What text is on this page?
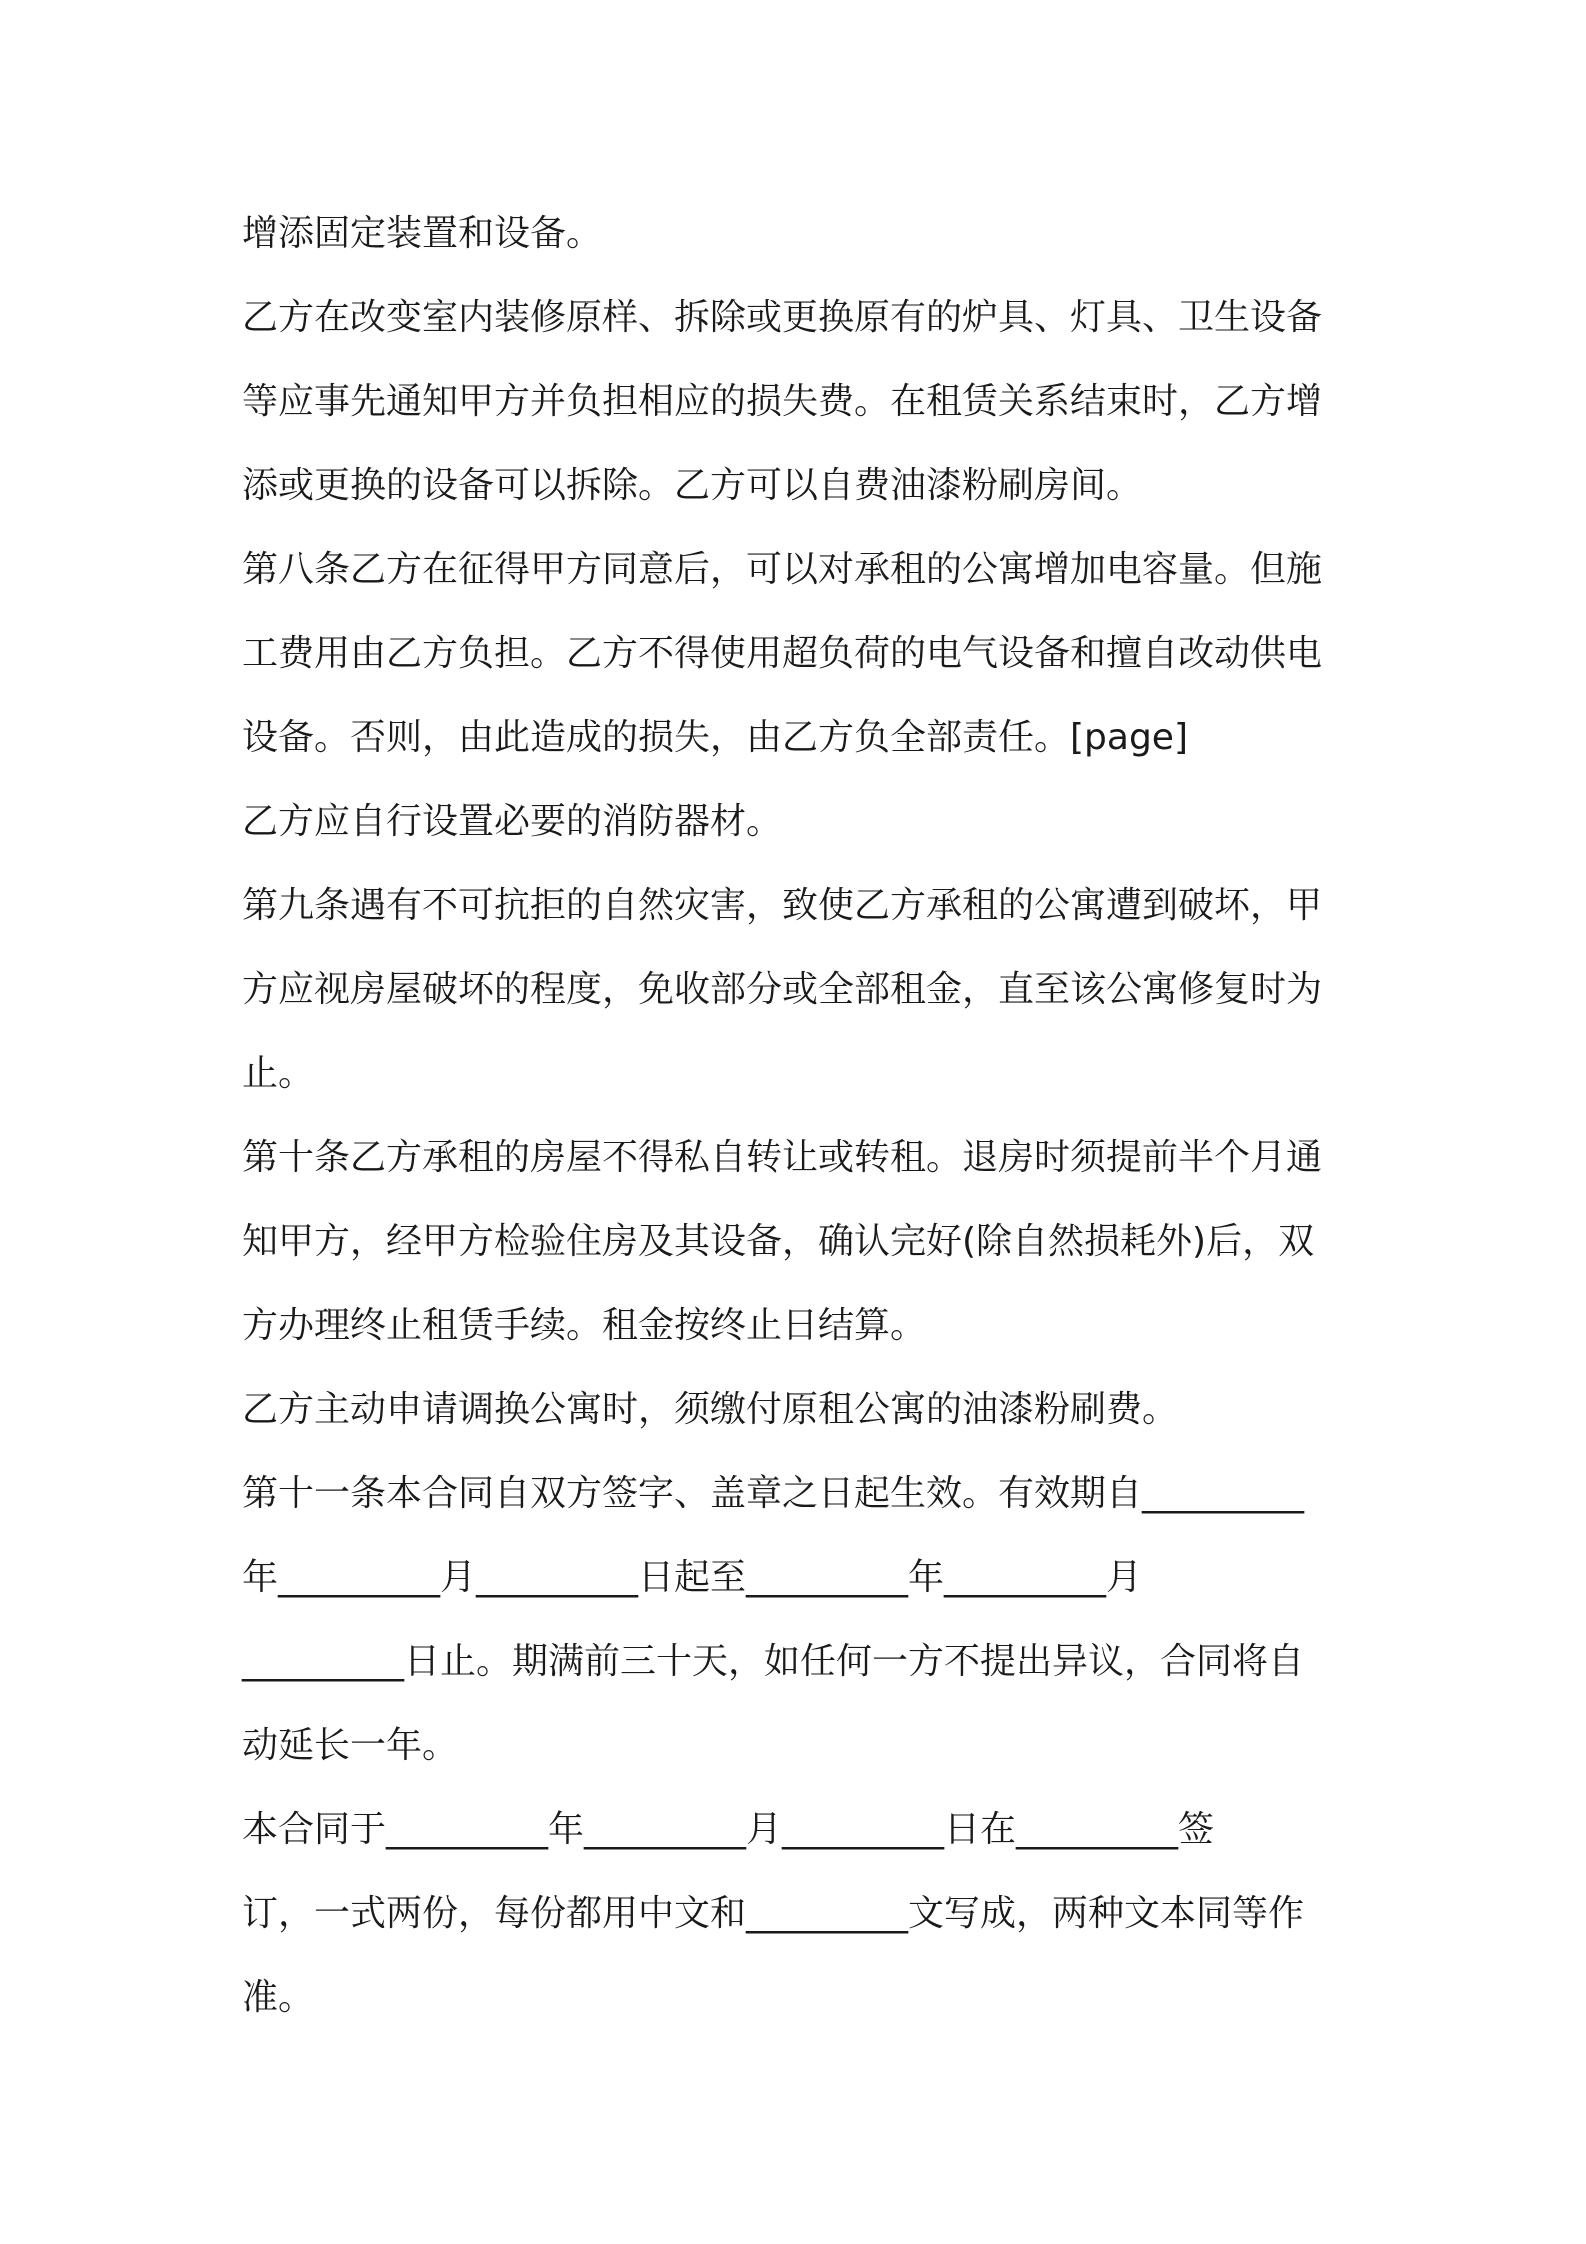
增添固定装置和设备。
乙方在改变室内装修原样、拆除或更换原有的炉具、灯具、卫生设备
等应事先通知甲方并负担相应的损失费。在租赁关系结束时，乙方增
添或更换的设备可以拆除。乙方可以自费油漆粉刷房间。
第八条乙方在征得甲方同意后，可以对承租的公寓增加电容量。但施
工费用由乙方负担。乙方不得使用超负荷的电气设备和擅自改动供电
设备。否则，由此造成的损失，由乙方负全部责任。[page]
乙方应自行设置必要的消防器材。
第九条遇有不可抗拒的自然灾害，致使乙方承租的公寓遭到破坏，甲
方应视房屋破坏的程度，免收部分或全部租金，直至该公寓修复时为
止。
第十条乙方承租的房屋不得私自转让或转租。退房时须提前半个月通
知甲方，经甲方检验住房及其设备，确认完好(除自然损耗外)后，双
方办理终止租赁手续。租金按终止日结算。
乙方主动申请调换公寓时，须缴付原租公寓的油漆粉刷费。
第十一条本合同自双方签字、盖章之日起生效。有效期自_________
年_________月_________日起至_________年_________月
_________日止。期满前三十天，如任何一方不提出异议，合同将自
动延长一年。
本合同于_________年_________月_________日在_________签
订，一式两份，每份都用中文和_________文写成，两种文本同等作
准。
